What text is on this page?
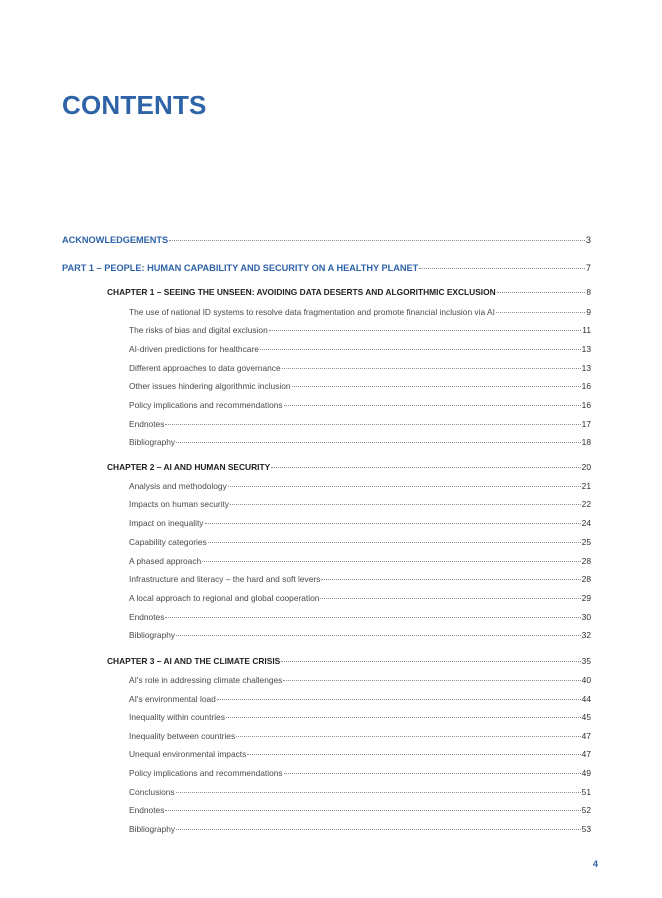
CONTENTS
ACKNOWLEDGEMENTS	3
PART 1 – PEOPLE: HUMAN CAPABILITY AND SECURITY ON A HEALTHY PLANET	7
CHAPTER 1 – SEEING THE UNSEEN: AVOIDING DATA DESERTS AND ALGORITHMIC EXCLUSION	8
The use of national ID systems to resolve data fragmentation and promote financial inclusion via AI	9
The risks of bias and digital exclusion	11
AI-driven predictions for healthcare	13
Different approaches to data governance	13
Other issues hindering algorithmic inclusion	16
Policy implications and recommendations	16
Endnotes	17
Bibliography	18
CHAPTER 2 – AI AND HUMAN SECURITY	20
Analysis and methodology	21
Impacts on human security	22
Impact on inequality	24
Capability categories	25
A phased approach	28
Infrastructure and literacy – the hard and soft levers	28
A local approach to regional and global cooperation	29
Endnotes	30
Bibliography	32
CHAPTER 3 – AI AND THE CLIMATE CRISIS	35
AI's role in addressing climate challenges	40
AI's environmental load	44
Inequality within countries	45
Inequality between countries	47
Unequal environmental impacts	47
Policy implications and recommendations	49
Conclusions	51
Endnotes	52
Bibliography	53
4
